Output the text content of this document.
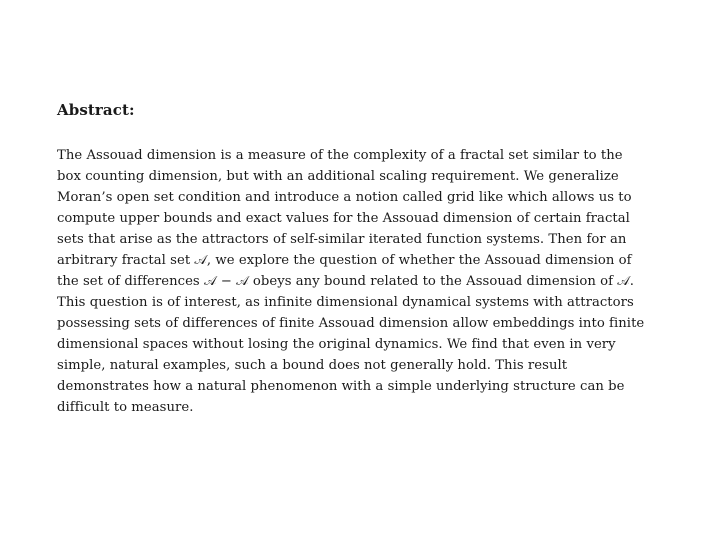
Abstract:
The Assouad dimension is a measure of the complexity of a fractal set similar to the
box counting dimension, but with an additional scaling requirement. We generalize
Moran’s open set condition and introduce a notion called grid like which allows us to
compute upper bounds and exact values for the Assouad dimension of certain fractal
sets that arise as the attractors of self-similar iterated function systems. Then for an
arbitrary fractal set 𝒜, we explore the question of whether the Assouad dimension of
the set of differences 𝒜 − 𝒜 obeys any bound related to the Assouad dimension of 𝒜.
This question is of interest, as infinite dimensional dynamical systems with attractors
possessing sets of differences of finite Assouad dimension allow embeddings into finite
dimensional spaces without losing the original dynamics. We find that even in very
simple, natural examples, such a bound does not generally hold. This result
demonstrates how a natural phenomenon with a simple underlying structure can be
difficult to measure.
